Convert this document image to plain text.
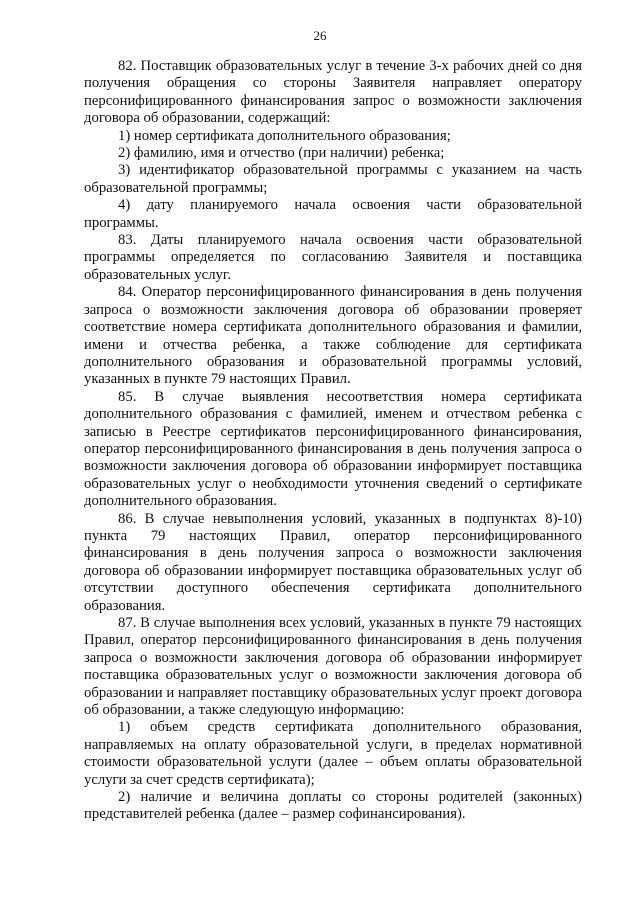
26

82. Поставщик образовательных услуг в течение 3-х рабочих дней со дня получения обращения со стороны Заявителя направляет оператору персонифицированного финансирования запрос о возможности заключения договора об образовании, содержащий:

1) номер сертификата дополнительного образования;

2) фамилию, имя и отчество (при наличии) ребенка;

3) идентификатор образовательной программы с указанием на часть образовательной программы;

4) дату планируемого начала освоения части образовательной программы.

83. Даты планируемого начала освоения части образовательной программы определяется по согласованию Заявителя и поставщика образовательных услуг.

84. Оператор персонифицированного финансирования в день получения запроса о возможности заключения договора об образовании проверяет соответствие номера сертификата дополнительного образования и фамилии, имени и отчества ребенка, а также соблюдение для сертификата дополнительного образования и образовательной программы условий, указанных в пункте 79 настоящих Правил.

85. В случае выявления несоответствия номера сертификата дополнительного образования с фамилией, именем и отчеством ребенка с записью в Реестре сертификатов персонифицированного финансирования, оператор персонифицированного финансирования в день получения запроса о возможности заключения договора об образовании информирует поставщика образовательных услуг о необходимости уточнения сведений о сертификате дополнительного образования.

86. В случае невыполнения условий, указанных в подпунктах 8)-10) пункта 79 настоящих Правил, оператор персонифицированного финансирования в день получения запроса о возможности заключения договора об образовании информирует поставщика образовательных услуг об отсутствии доступного обеспечения сертификата дополнительного образования.

87. В случае выполнения всех условий, указанных в пункте 79 настоящих Правил, оператор персонифицированного финансирования в день получения запроса о возможности заключения договора об образовании информирует поставщика образовательных услуг о возможности заключения договора об образовании и направляет поставщику образовательных услуг проект договора об образовании, а также следующую информацию:

1) объем средств сертификата дополнительного образования, направляемых на оплату образовательной услуги, в пределах нормативной стоимости образовательной услуги (далее – объем оплаты образовательной услуги за счет средств сертификата);

2) наличие и величина доплаты со стороны родителей (законных) представителей ребенка (далее – размер софинансирования).
